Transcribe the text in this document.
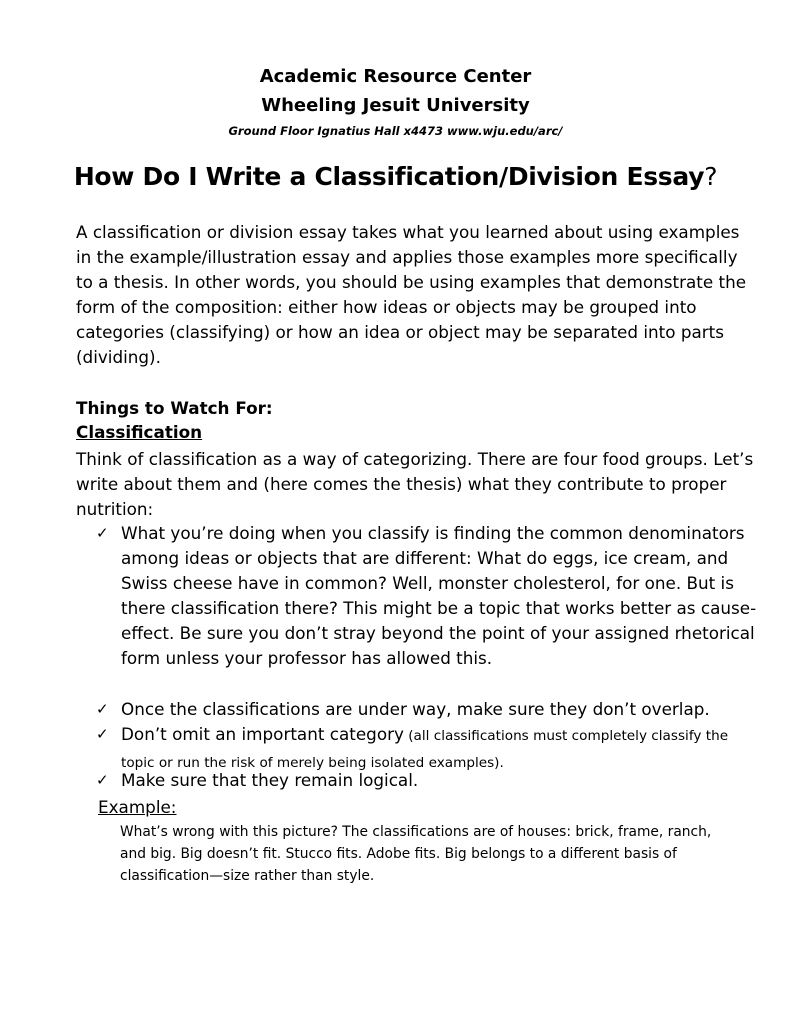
Academic Resource Center
Wheeling Jesuit University
Ground Floor Ignatius Hall x4473 www.wju.edu/arc/
How Do I Write a Classification/Division Essay?
A classification or division essay takes what you learned about using examples in the example/illustration essay and applies those examples more specifically to a thesis. In other words, you should be using examples that demonstrate the form of the composition: either how ideas or objects may be grouped into categories (classifying) or how an idea or object may be separated into parts (dividing).
Things to Watch For:
Classification
Think of classification as a way of categorizing. There are four food groups. Let’s write about them and (here comes the thesis) what they contribute to proper nutrition:
✓ What you’re doing when you classify is finding the common denominators among ideas or objects that are different: What do eggs, ice cream, and Swiss cheese have in common? Well, monster cholesterol, for one. But is there classification there? This might be a topic that works better as cause-effect. Be sure you don’t stray beyond the point of your assigned rhetorical form unless your professor has allowed this.
✓ Once the classifications are under way, make sure they don’t overlap.
✓ Don’t omit an important category (all classifications must completely classify the topic or run the risk of merely being isolated examples).
✓ Make sure that they remain logical.
Example:
What’s wrong with this picture? The classifications are of houses: brick, frame, ranch, and big. Big doesn’t fit. Stucco fits. Adobe fits. Big belongs to a different basis of classification—size rather than style.
